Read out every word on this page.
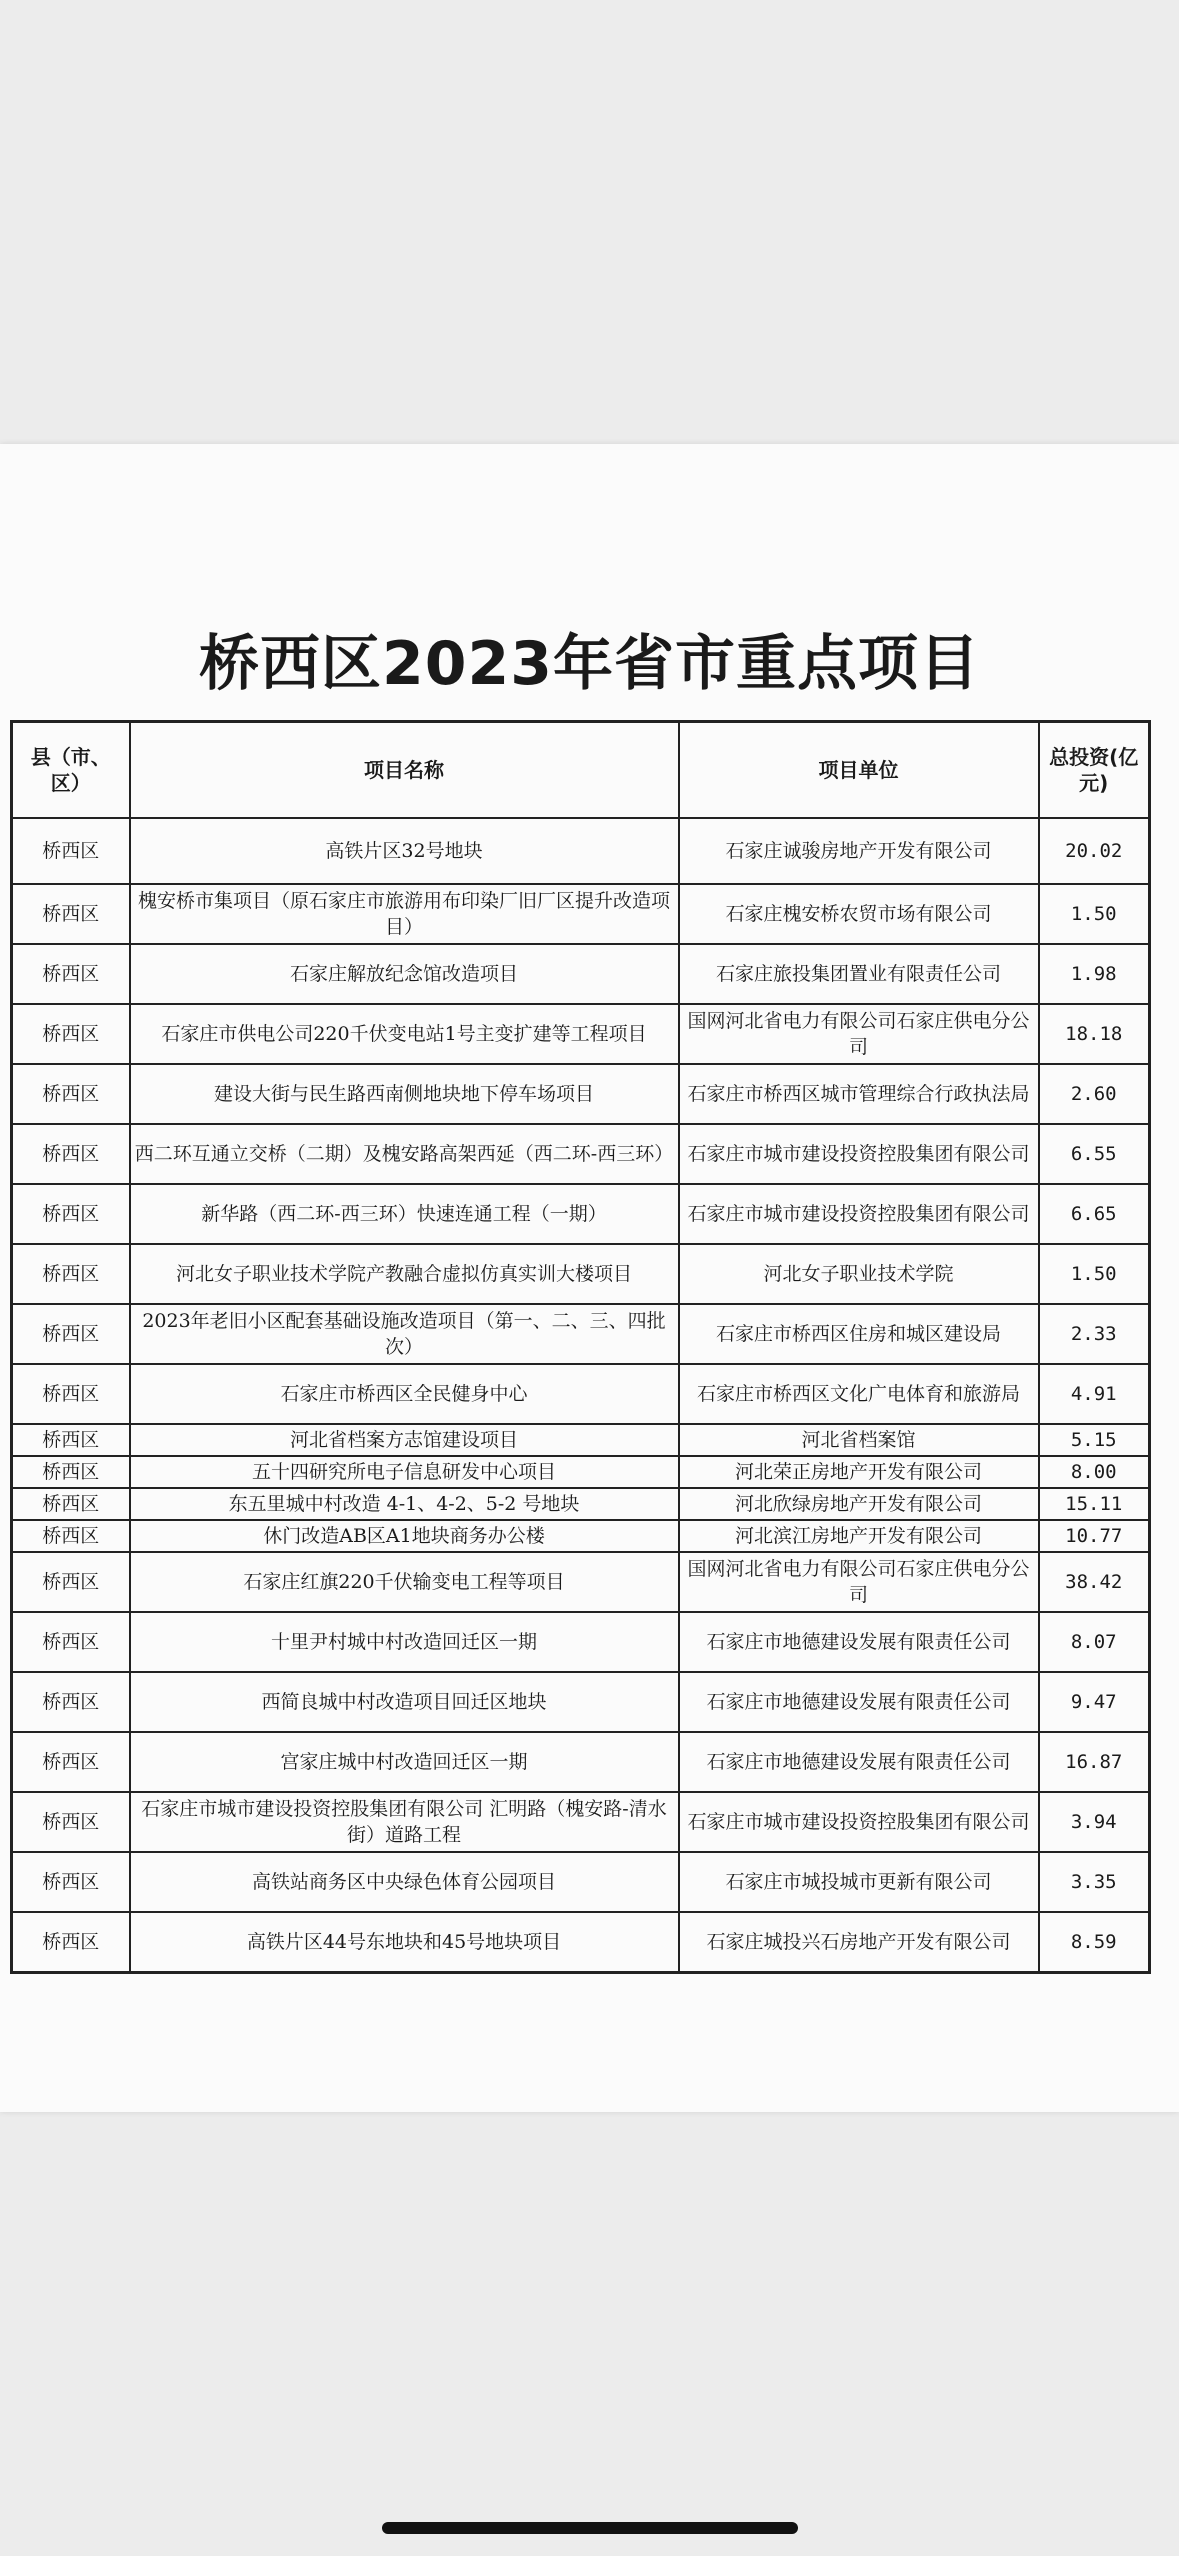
桥西区2023年省市重点项目
县（市、区）	项目名称	项目单位	总投资(亿元)
桥西区	高铁片区32号地块	石家庄诚骏房地产开发有限公司	20.02
桥西区	槐安桥市集项目（原石家庄市旅游用布印染厂旧厂区提升改造项目）	石家庄槐安桥农贸市场有限公司	1.50
桥西区	石家庄解放纪念馆改造项目	石家庄旅投集团置业有限责任公司	1.98
桥西区	石家庄市供电公司220千伏变电站1号主变扩建等工程项目	国网河北省电力有限公司石家庄供电分公司	18.18
桥西区	建设大街与民生路西南侧地块地下停车场项目	石家庄市桥西区城市管理综合行政执法局	2.60
桥西区	西二环互通立交桥（二期）及槐安路高架西延（西二环-西三环）	石家庄市城市建设投资控股集团有限公司	6.55
桥西区	新华路（西二环-西三环）快速连通工程（一期）	石家庄市城市建设投资控股集团有限公司	6.65
桥西区	河北女子职业技术学院产教融合虚拟仿真实训大楼项目	河北女子职业技术学院	1.50
桥西区	2023年老旧小区配套基础设施改造项目（第一、二、三、四批次）	石家庄市桥西区住房和城区建设局	2.33
桥西区	石家庄市桥西区全民健身中心	石家庄市桥西区文化广电体育和旅游局	4.91
桥西区	河北省档案方志馆建设项目	河北省档案馆	5.15
桥西区	五十四研究所电子信息研发中心项目	河北荣正房地产开发有限公司	8.00
桥西区	东五里城中村改造 4-1、4-2、5-2 号地块	河北欣绿房地产开发有限公司	15.11
桥西区	休门改造AB区A1地块商务办公楼	河北滨江房地产开发有限公司	10.77
桥西区	石家庄红旗220千伏输变电工程等项目	国网河北省电力有限公司石家庄供电分公司	38.42
桥西区	十里尹村城中村改造回迁区一期	石家庄市地德建设发展有限责任公司	8.07
桥西区	西简良城中村改造项目回迁区地块	石家庄市地德建设发展有限责任公司	9.47
桥西区	宫家庄城中村改造回迁区一期	石家庄市地德建设发展有限责任公司	16.87
桥西区	石家庄市城市建设投资控股集团有限公司 汇明路（槐安路-清水街）道路工程	石家庄市城市建设投资控股集团有限公司	3.94
桥西区	高铁站商务区中央绿色体育公园项目	石家庄市城投城市更新有限公司	3.35
桥西区	高铁片区44号东地块和45号地块项目	石家庄城投兴石房地产开发有限公司	8.59
